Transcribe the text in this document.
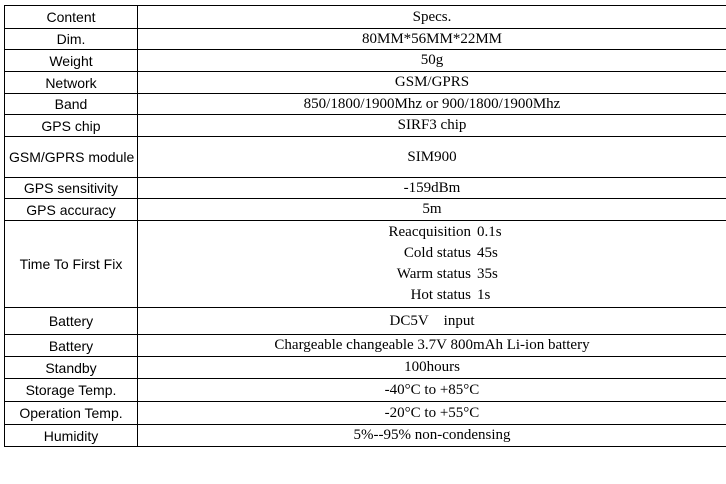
Content	Specs.
Dim.	80MM*56MM*22MM
Weight	50g
Network	GSM/GPRS
Band	850/1800/1900Mhz or 900/1800/1900Mhz
GPS chip	SIRF3 chip
GSM/GPRS module	SIM900
GPS sensitivity	-159dBm
GPS accuracy	5m
Time To First Fix	Reacquisition 0.1s
Cold status 45s
Warm status 35s
Hot status 1s

Battery	DC5V    input
Battery	Chargeable changeable 3.7V 800mAh Li-ion battery
Standby	100hours
Storage Temp.	-40°C to +85°C
Operation Temp.	-20°C to +55°C
Humidity	5%--95% non-condensing
